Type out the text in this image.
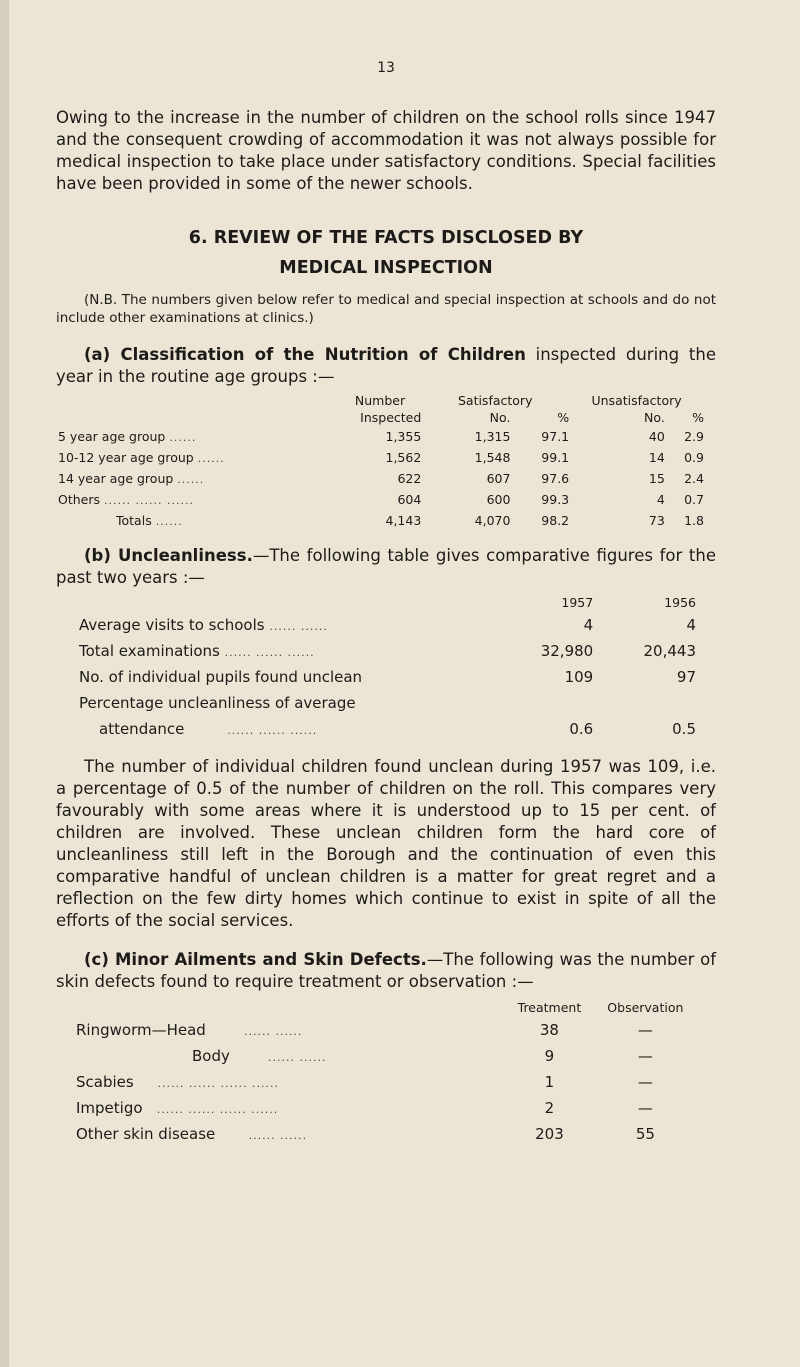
13

Owing to the increase in the number of children on the school rolls since 1947 and the consequent crowding of accommodation it was not always possible for medical inspection to take place under satisfactory conditions. Special facilities have been provided in some of the newer schools.

6. REVIEW OF THE FACTS DISCLOSED BY
MEDICAL INSPECTION

(N.B. The numbers given below refer to medical and special inspection at schools and do not include other examinations at clinics.)

(a) Classification of the Nutrition of Children inspected during the year in the routine age groups :—

	Number	Satisfactory		Unsatisfactory	
	Inspected	No.	%	No.	%
5 year age group ......	1,355	1,315	97.1	40	2.9
10-12 year age group ......	1,562	1,548	99.1	14	0.9
14 year age group ......	622	607	97.6	15	2.4
Others ...... ...... ......	604	600	99.3	4	0.7
Totals ......	4,143	4,070	98.2	73	1.8

(b) Uncleanliness.—The following table gives comparative figures for the past two years :—

	1957	1956
Average visits to schools ...... ......	4	4
Total examinations ...... ...... ......	32,980	20,443
No. of individual pupils found unclean	109	97
Percentage uncleanliness of average		
attendance ...... ...... ......	0.6	0.5

The number of individual children found unclean during 1957 was 109, i.e. a percentage of 0.5 of the number of children on the roll. This compares very favourably with some areas where it is understood up to 15 per cent. of children are involved. These unclean children form the hard core of uncleanliness still left in the Borough and the continuation of even this comparative handful of unclean children is a matter for great regret and a reflection on the few dirty homes which continue to exist in spite of all the efforts of the social services.

(c) Minor Ailments and Skin Defects.—The following was the number of skin defects found to require treatment or observation :—

	Treatment	Observation
Ringworm—Head ...... ......	38	—
Body ...... ......	9	—
Scabies ...... ...... ...... ......	1	—
Impetigo ...... ...... ...... ......	2	—
Other skin disease ...... ......	203	55
